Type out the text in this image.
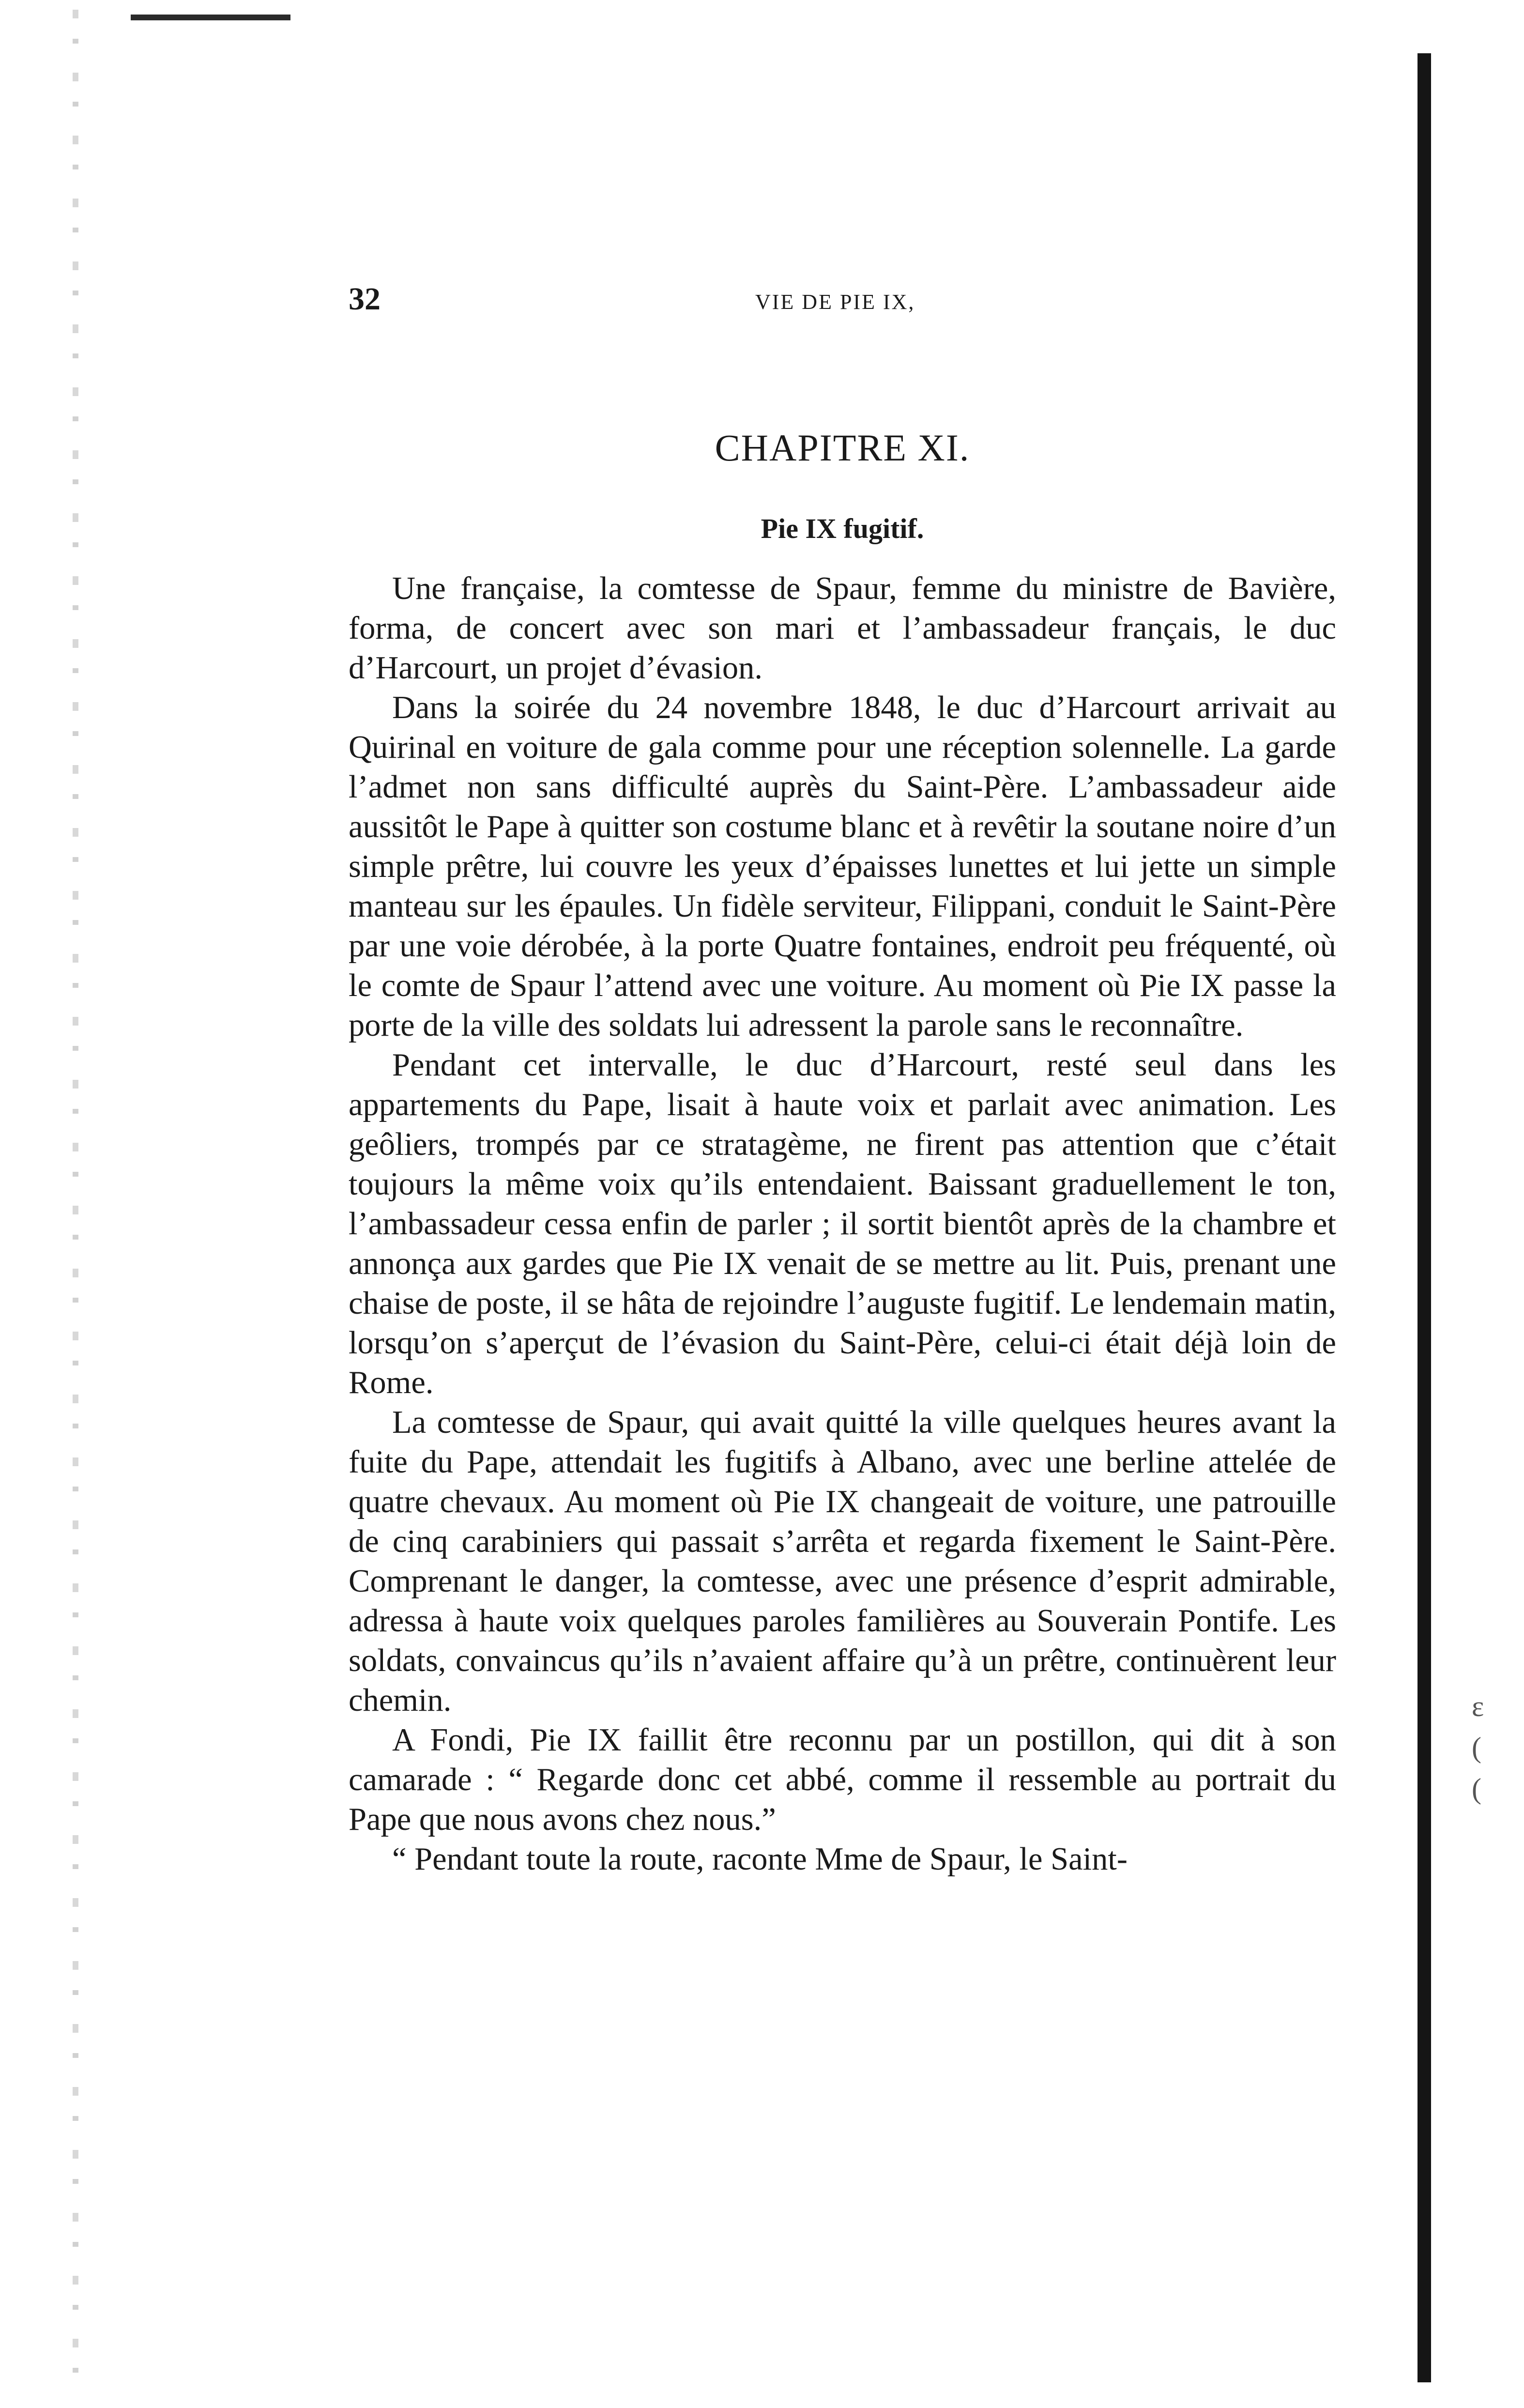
ɛ
(
(
32	VIE DE PIE IX,
CHAPITRE XI.
Pie IX fugitif.

Une française, la comtesse de Spaur, femme du ministre de Bavière, forma, de concert avec son mari et l’ambassadeur français, le duc d’Harcourt, un projet d’évasion.

Dans la soirée du 24 novembre 1848, le duc d’Harcourt arrivait au Quirinal en voiture de gala comme pour une réception solennelle. La garde l’admet non sans difficulté auprès du Saint-Père. L’ambassadeur aide aussitôt le Pape à quitter son costume blanc et à revêtir la soutane noire d’un simple prêtre, lui couvre les yeux d’épaisses lunettes et lui jette un simple manteau sur les épaules. Un fidèle serviteur, Filippani, conduit le Saint-Père par une voie dérobée, à la porte Quatre fontaines, endroit peu fréquenté, où le comte de Spaur l’attend avec une voiture. Au moment où Pie IX passe la porte de la ville des soldats lui adressent la parole sans le reconnaître.

Pendant cet intervalle, le duc d’Harcourt, resté seul dans les appartements du Pape, lisait à haute voix et parlait avec animation. Les geôliers, trompés par ce stratagème, ne firent pas attention que c’était toujours la même voix qu’ils entendaient. Baissant graduellement le ton, l’ambassadeur cessa enfin de parler ; il sortit bientôt après de la chambre et annonça aux gardes que Pie IX venait de se mettre au lit. Puis, prenant une chaise de poste, il se hâta de rejoindre l’auguste fugitif. Le lendemain matin, lorsqu’on s’aperçut de l’évasion du Saint-Père, celui-ci était déjà loin de Rome.

La comtesse de Spaur, qui avait quitté la ville quelques heures avant la fuite du Pape, attendait les fugitifs à Albano, avec une berline attelée de quatre chevaux. Au moment où Pie IX changeait de voiture, une patrouille de cinq carabiniers qui passait s’arrêta et regarda fixement le Saint-Père. Comprenant le danger, la comtesse, avec une présence d’esprit admirable, adressa à haute voix quelques paroles familières au Souverain Pontife. Les soldats, convaincus qu’ils n’avaient affaire qu’à un prêtre, continuèrent leur chemin.

A Fondi, Pie IX faillit être reconnu par un postillon, qui dit à son camarade : “ Regarde donc cet abbé, comme il ressemble au portrait du Pape que nous avons chez nous.”

“ Pendant toute la route, raconte Mme de Spaur, le Saint-
